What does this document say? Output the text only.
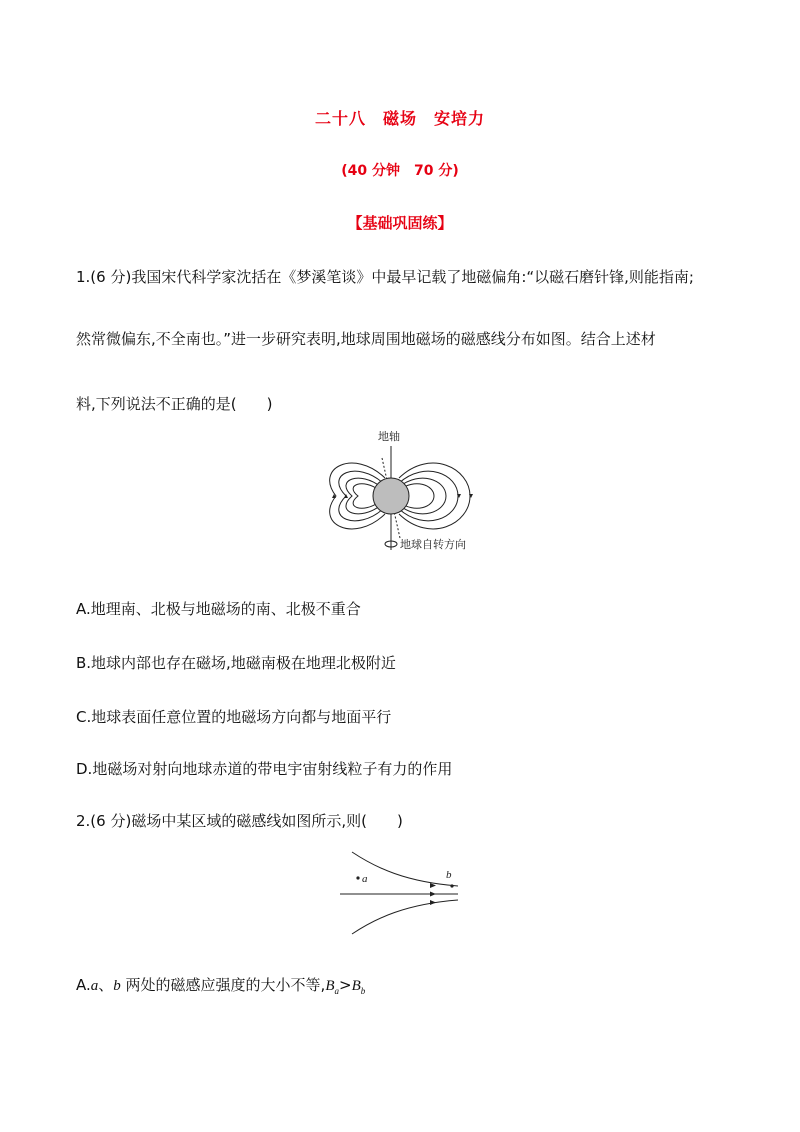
二十八　磁场　安培力
(40 分钟　70 分)
【基础巩固练】
1.(6 分)我国宋代科学家沈括在《梦溪笔谈》中最早记载了地磁偏角:“以磁石磨针锋,则能指南;
然常微偏东,不全南也。”进一步研究表明,地球周围地磁场的磁感线分布如图。结合上述材
料,下列说法不正确的是(　　)
地轴
地球自转方向
A.地理南、北极与地磁场的南、北极不重合
B.地球内部也存在磁场,地磁南极在地理北极附近
C.地球表面任意位置的地磁场方向都与地面平行
D.地磁场对射向地球赤道的带电宇宙射线粒子有力的作用
2.(6 分)磁场中某区域的磁感线如图所示,则(　　)
a	b
A.a、b 两处的磁感应强度的大小不等$,B_a>B_b$
